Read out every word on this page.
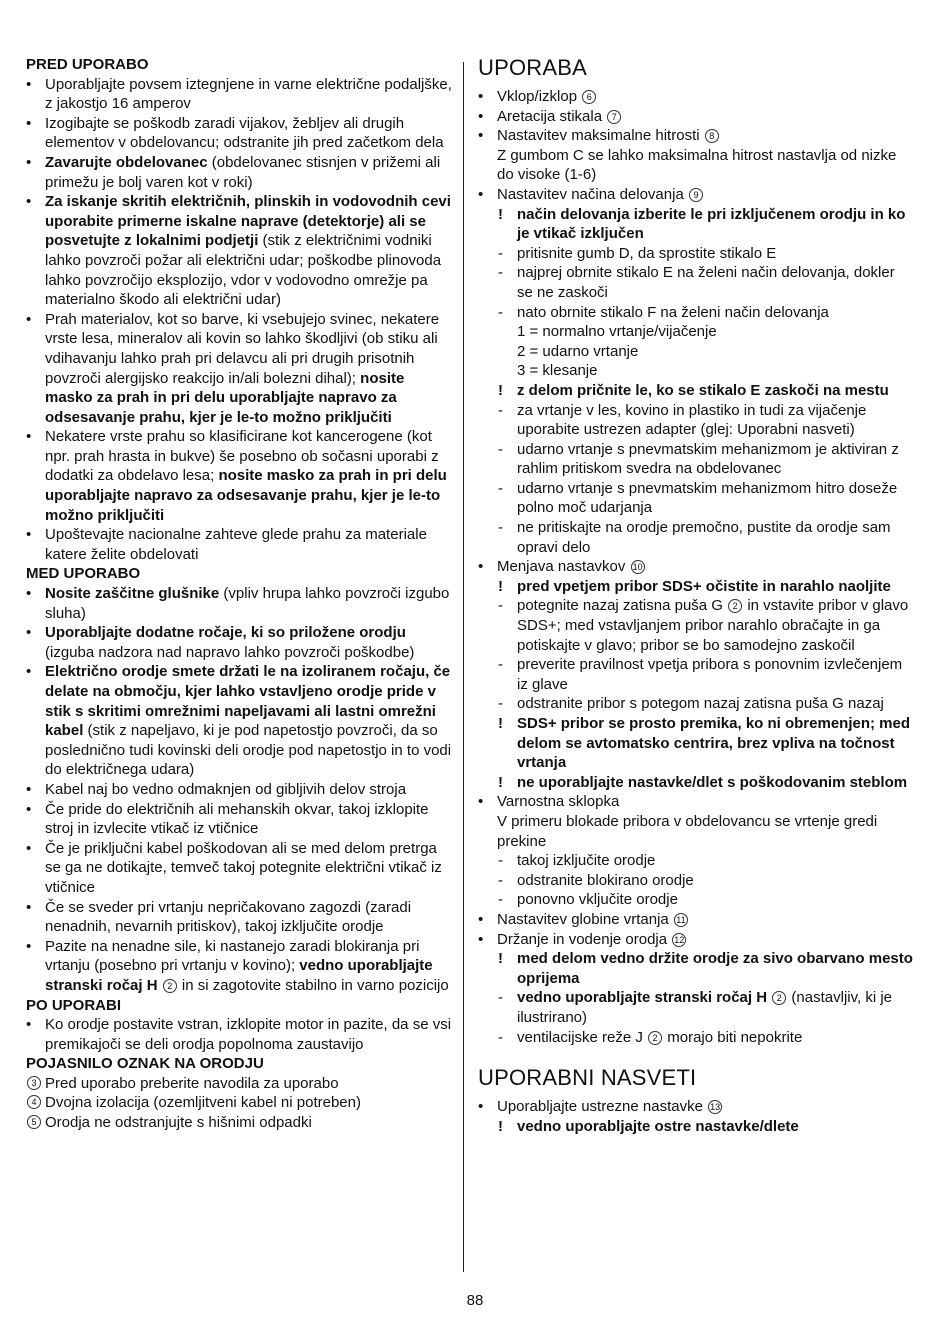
PRED UPORABO
• Uporabljajte povsem iztegnjene in varne električne podaljške, z jakostjo 16 amperov
• Izogibajte se poškodb zaradi vijakov, žebljev ali drugih elementov v obdelovancu; odstranite jih pred začetkom dela
• Zavarujte obdelovanec (obdelovanec stisnjen v prižemi ali primežu je bolj varen kot v roki)
• Za iskanje skritih električnih, plinskih in vodovodnih cevi uporabite primerne iskalne naprave (detektorje) ali se posvetujte z lokalnimi podjetji (stik z električnimi vodniki lahko povzroči požar ali električni udar; poškodbe plinovoda lahko povzročijo eksplozijo, vdor v vodovodno omrežje pa materialno škodo ali električni udar)
• Prah materialov, kot so barve, ki vsebujejo svinec, nekatere vrste lesa, mineralov ali kovin so lahko škodljivi (ob stiku ali vdihavanju lahko prah pri delavcu ali pri drugih prisotnih povzroči alergijsko reakcijo in/ali bolezni dihal); nosite masko za prah in pri delu uporabljajte napravo za odsesavanje prahu, kjer je le-to možno priključiti
• Nekatere vrste prahu so klasificirane kot kancerogene (kot npr. prah hrasta in bukve) še posebno ob sočasni uporabi z dodatki za obdelavo lesa; nosite masko za prah in pri delu uporabljajte napravo za odsesavanje prahu, kjer je le-to možno priključiti
• Upoštevajte nacionalne zahteve glede prahu za materiale katere želite obdelovati
MED UPORABO
• Nosite zaščitne glušnike (vpliv hrupa lahko povzroči izgubo sluha)
• Uporabljajte dodatne ročaje, ki so priložene orodju (izguba nadzora nad napravo lahko povzroči poškodbe)
• Električno orodje smete držati le na izoliranem ročaju, če delate na območju, kjer lahko vstavljeno orodje pride v stik s skritimi omrežnimi napeljavami ali lastni omrežni kabel (stik z napeljavo, ki je pod napetostjo povzroči, da so poslednično tudi kovinski deli orodje pod napetostjo in to vodi do električnega udara)
• Kabel naj bo vedno odmaknjen od gibljivih delov stroja
• Če pride do električnih ali mehanskih okvar, takoj izklopite stroj in izvlecite vtikač iz vtičnice
• Če je priključni kabel poškodovan ali se med delom pretrga se ga ne dotikajte, temveč takoj potegnite električni vtikač iz vtičnice
• Če se sveder pri vrtanju nepričakovano zagozdi (zaradi nenadnih, nevarnih pritiskov), takoj izključite orodje
• Pazite na nenadne sile, ki nastanejo zaradi blokiranja pri vrtanju (posebno pri vrtanju v kovino); vedno uporabljajte stranski ročaj H 2 in si zagotovite stabilno in varno pozicijo
PO UPORABI
• Ko orodje postavite vstran, izklopite motor in pazite, da se vsi premikajoči se deli orodja popolnoma zaustavijo
POJASNILO OZNAK NA ORODJU
3 Pred uporabo preberite navodila za uporabo
4 Dvojna izolacija (ozemljitveni kabel ni potreben)
5 Orodja ne odstranjujte s hišnimi odpadki
UPORABA
• Vklop/izklop 6
• Aretacija stikala 7
• Nastavitev maksimalne hitrosti 8
Z gumbom C se lahko maksimalna hitrost nastavlja od nizke do visoke (1-6)
• Nastavitev načina delovanja 9
! način delovanja izberite le pri izključenem orodju in ko je vtikač izključen
- pritisnite gumb D, da sprostite stikalo E
- najprej obrnite stikalo E na želeni način delovanja, dokler se ne zaskoči
- nato obrnite stikalo F na želeni način delovanja
1 = normalno vrtanje/vijačenje
2 = udarno vrtanje
3 = klesanje
! z delom pričnite le, ko se stikalo E zaskoči na mestu
- za vrtanje v les, kovino in plastiko in tudi za vijačenje uporabite ustrezen adapter (glej: Uporabni nasveti)
- udarno vrtanje s pnevmatskim mehanizmom je aktiviran z rahlim pritiskom svedra na obdelovanec
- udarno vrtanje s pnevmatskim mehanizmom hitro doseže polno moč udarjanja
- ne pritiskajte na orodje premočno, pustite da orodje sam opravi delo
• Menjava nastavkov 10
! pred vpetjem pribor SDS+ očistite in narahlo naoljite
- potegnite nazaj zatisna puša G 2 in vstavite pribor v glavo SDS+; med vstavljanjem pribor narahlo obračajte in ga potiskajte v glavo; pribor se bo samodejno zaskočil
- preverite pravilnost vpetja pribora s ponovnim izvlečenjem iz glave
- odstranite pribor s potegom nazaj zatisna puša G nazaj
! SDS+ pribor se prosto premika, ko ni obremenjen; med delom se avtomatsko centrira, brez vpliva na točnost vrtanja
! ne uporabljajte nastavke/dlet s poškodovanim steblom
• Varnostna sklopka
V primeru blokade pribora v obdelovancu se vrtenje gredi prekine
- takoj izključite orodje
- odstranite blokirano orodje
- ponovno vključite orodje
• Nastavitev globine vrtanja 11
• Držanje in vodenje orodja 12
! med delom vedno držite orodje za sivo obarvano mesto oprijema
- vedno uporabljajte stranski ročaj H 2 (nastavljiv, ki je ilustrirano)
- ventilacijske reže J 2 morajo biti nepokrite
UPORABNI NASVETI
• Uporabljajte ustrezne nastavke 13
! vedno uporabljajte ostre nastavke/dlete
88
